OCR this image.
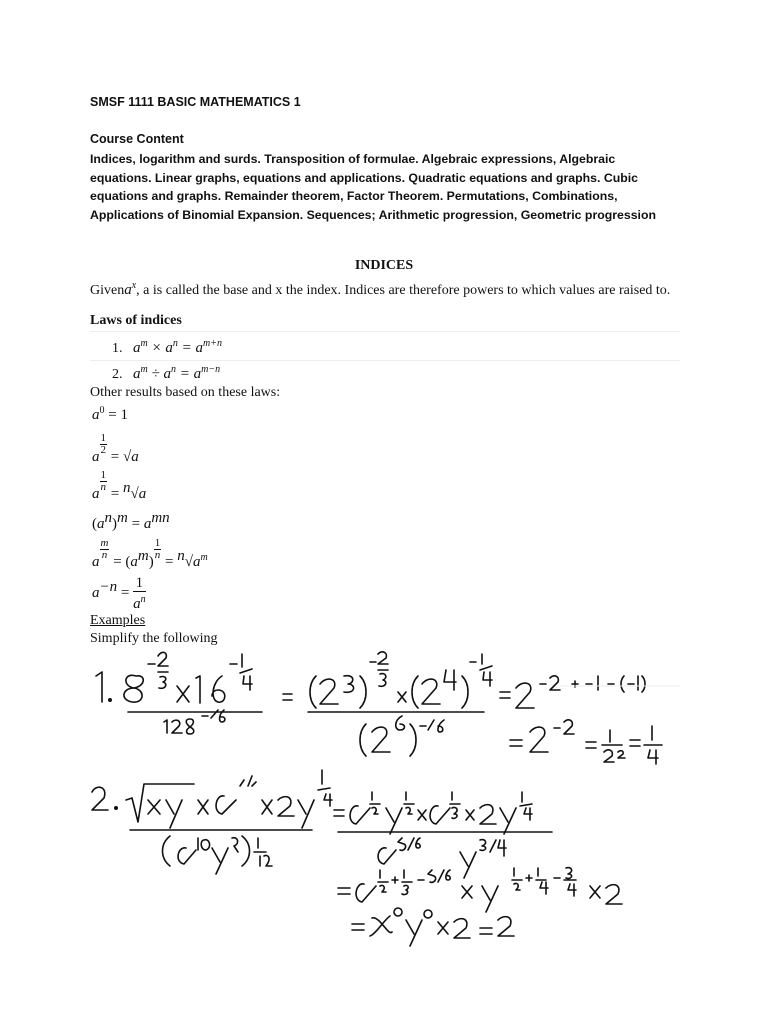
SMSF 1111 BASIC MATHEMATICS 1
Course Content
Indices, logarithm and surds. Transposition of formulae. Algebraic expressions, Algebraic
equations. Linear graphs, equations and applications. Quadratic equations and graphs. Cubic
equations and graphs. Remainder theorem, Factor Theorem. Permutations, Combinations,
Applications of Binomial Expansion. Sequences; Arithmetic progression, Geometric progression
INDICES
Givena$^x$, a is called the base and x the index. Indices are therefore powers to which values are raised to.
Laws of indices
1. $a^m \times a^n = a^{m+n}$
2. $a^m \div a^n = a^{m-n}$
Other results based on these laws:
$a^0 = 1$
a
$\frac{1}{2}$
= √a
a
$\frac{1}{n}$
= $^n$√a
$(a^n)^m = a^{mn}$
a
$\frac{m}{n}$
= $(a^m)$
$\frac{1}{n}$
= $^n√a^m$
$a^{-n} = \frac{1}{a^n}$
Examples
Simplify the following
